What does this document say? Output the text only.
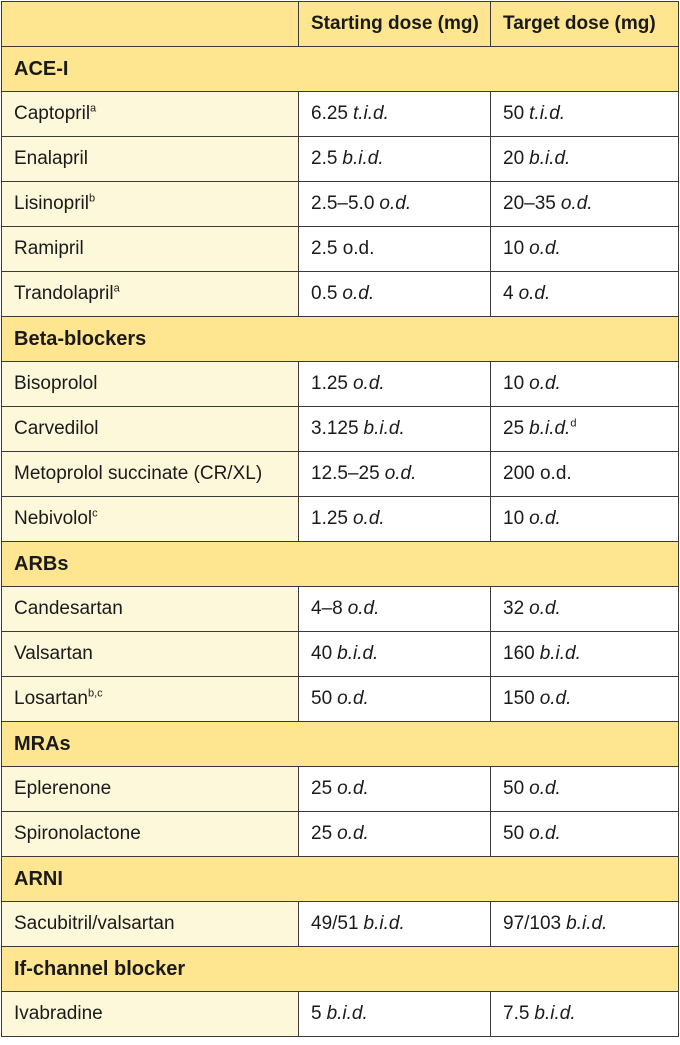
	Starting dose (mg)	Target dose (mg)
ACE-I		
Captopril$^a$	6.25 t.i.d.	50 t.i.d.
Enalapril	2.5 b.i.d.	20 b.i.d.
Lisinopril$^b$	2.5–5.0 o.d.	20–35 o.d.
Ramipril	2.5 o.d.	10 o.d.
Trandolapril$^a$	0.5 o.d.	4 o.d.
Beta-blockers		
Bisoprolol	1.25 o.d.	10 o.d.
Carvedilol	3.125 b.i.d.	25 b.i.d.$^d$
Metoprolol succinate (CR/XL)	12.5–25 o.d.	200 o.d.
Nebivolol$^c$	1.25 o.d.	10 o.d.
ARBs		
Candesartan	4–8 o.d.	32 o.d.
Valsartan	40 b.i.d.	160 b.i.d.
Losartan$^{b,c}$	50 o.d.	150 o.d.
MRAs		
Eplerenone	25 o.d.	50 o.d.
Spironolactone	25 o.d.	50 o.d.
ARNI		
Sacubitril/valsartan	49/51 b.i.d.	97/103 b.i.d.
If-channel blocker		
Ivabradine	5 b.i.d.	7.5 b.i.d.
